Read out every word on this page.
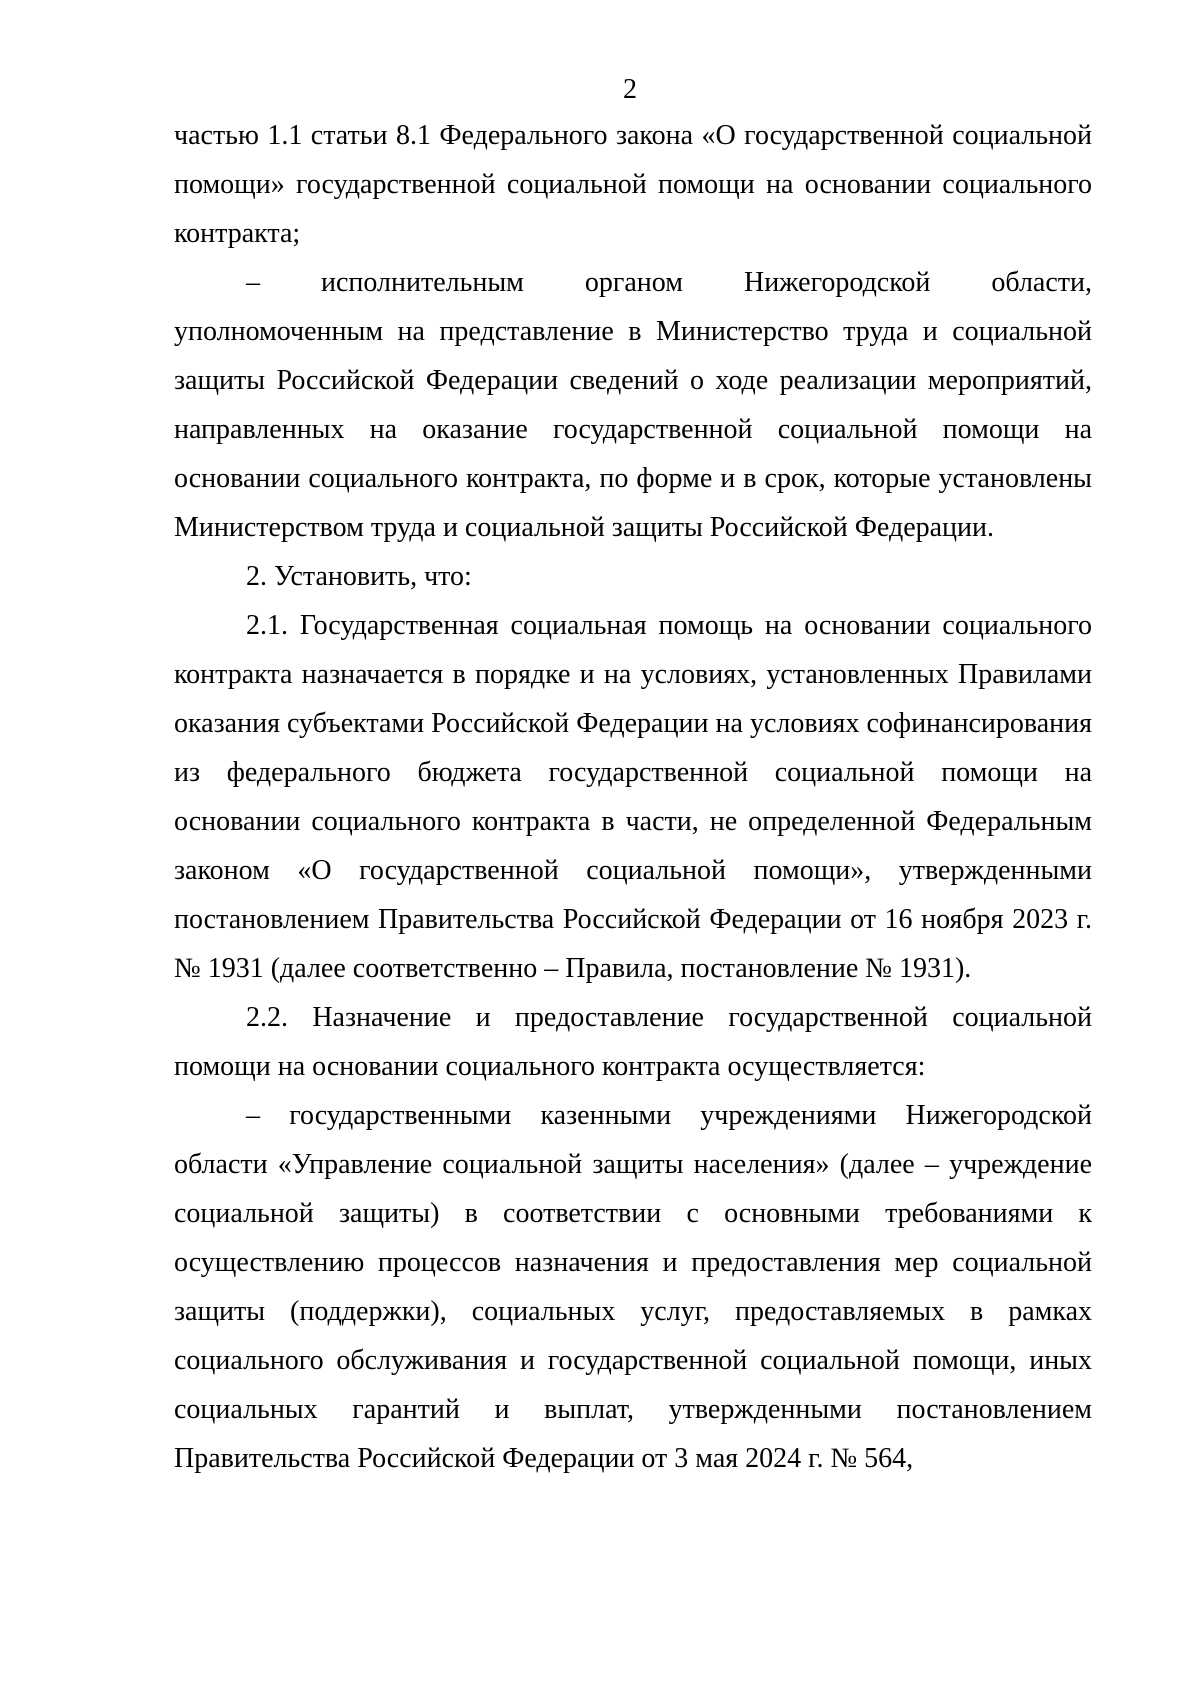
2

частью 1.1 статьи 8.1 Федерального закона «О государственной социальной помощи» государственной социальной помощи на основании социального контракта;

– исполнительным органом Нижегородской области, уполномоченным на представление в Министерство труда и социальной защиты Российской Федерации сведений о ходе реализации мероприятий, направленных на оказание государственной социальной помощи на основании социального контракта, по форме и в срок, которые установлены Министерством труда и социальной защиты Российской Федерации.

2. Установить, что:

2.1. Государственная социальная помощь на основании социального контракта назначается в порядке и на условиях, установленных Правилами оказания субъектами Российской Федерации на условиях софинансирования из федерального бюджета государственной социальной помощи на основании социального контракта в части, не определенной Федеральным законом «О государственной социальной помощи», утвержденными постановлением Правительства Российской Федерации от 16 ноября 2023 г. № 1931 (далее соответственно – Правила, постановление № 1931).

2.2. Назначение и предоставление государственной социальной помощи на основании социального контракта осуществляется:

– государственными казенными учреждениями Нижегородской области «Управление социальной защиты населения» (далее – учреждение социальной защиты) в соответствии с основными требованиями к осуществлению процессов назначения и предоставления мер социальной защиты (поддержки), социальных услуг, предоставляемых в рамках социального обслуживания и государственной социальной помощи, иных социальных гарантий и выплат, утвержденными постановлением Правительства Российской Федерации от 3 мая 2024 г. № 564,
